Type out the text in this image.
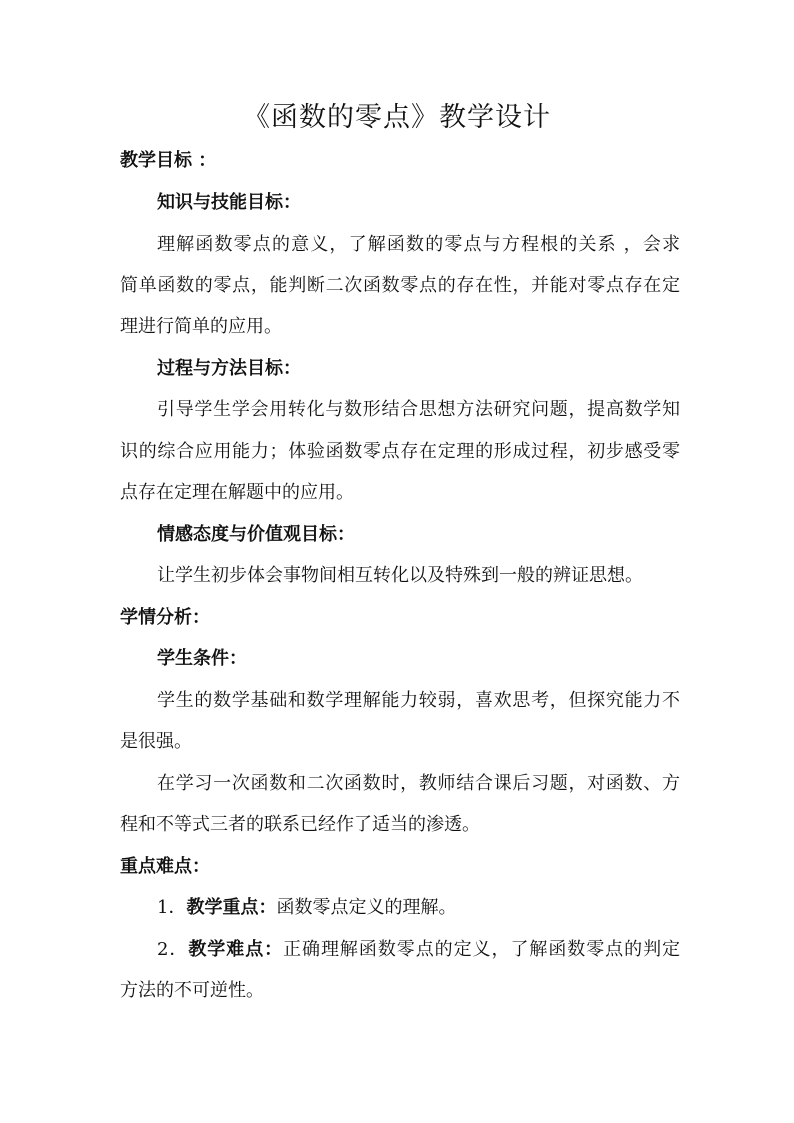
《函数的零点》教学设计
教学目标 ：
知识与技能目标：
理解函数零点的意义，了解函数的零点与方程根的关系 ，会求
简单函数的零点，能判断二次函数零点的存在性，并能对零点存在定
理进行简单的应用。
过程与方法目标：
引导学生学会用转化与数形结合思想方法研究问题，提高数学知
识的综合应用能力；体验函数零点存在定理的形成过程，初步感受零
点存在定理在解题中的应用。
情感态度与价值观目标：
让学生初步体会事物间相互转化以及特殊到一般的辨证思想。
学情分析：
学生条件：
学生的数学基础和数学理解能力较弱，喜欢思考，但探究能力不
是很强。
在学习一次函数和二次函数时，教师结合课后习题，对函数、方
程和不等式三者的联系已经作了适当的渗透。
重点难点：
1．教学重点：函数零点定义的理解。
2．教学难点：正确理解函数零点的定义，了解函数零点的判定
方法的不可逆性。
